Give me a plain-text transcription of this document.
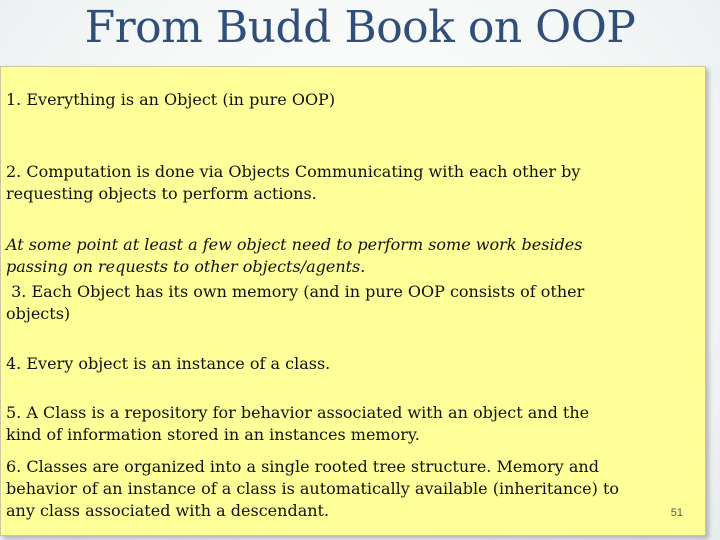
From Budd Book on OOP
1. Everything is an Object (in pure OOP)
2. Computation is done via Objects Communicating with each other by
requesting objects to perform actions.
At some point at least a few object need to perform some work besides
passing on requests to other objects/agents.
3. Each Object has its own memory (and in pure OOP consists of other
objects)
4. Every object is an instance of a class.
5. A Class is a repository for behavior associated with an object and the
kind of information stored in an instances memory.
6. Classes are organized into a single rooted tree structure. Memory and
behavior of an instance of a class is automatically available (inheritance) to
any class associated with a descendant.	51
